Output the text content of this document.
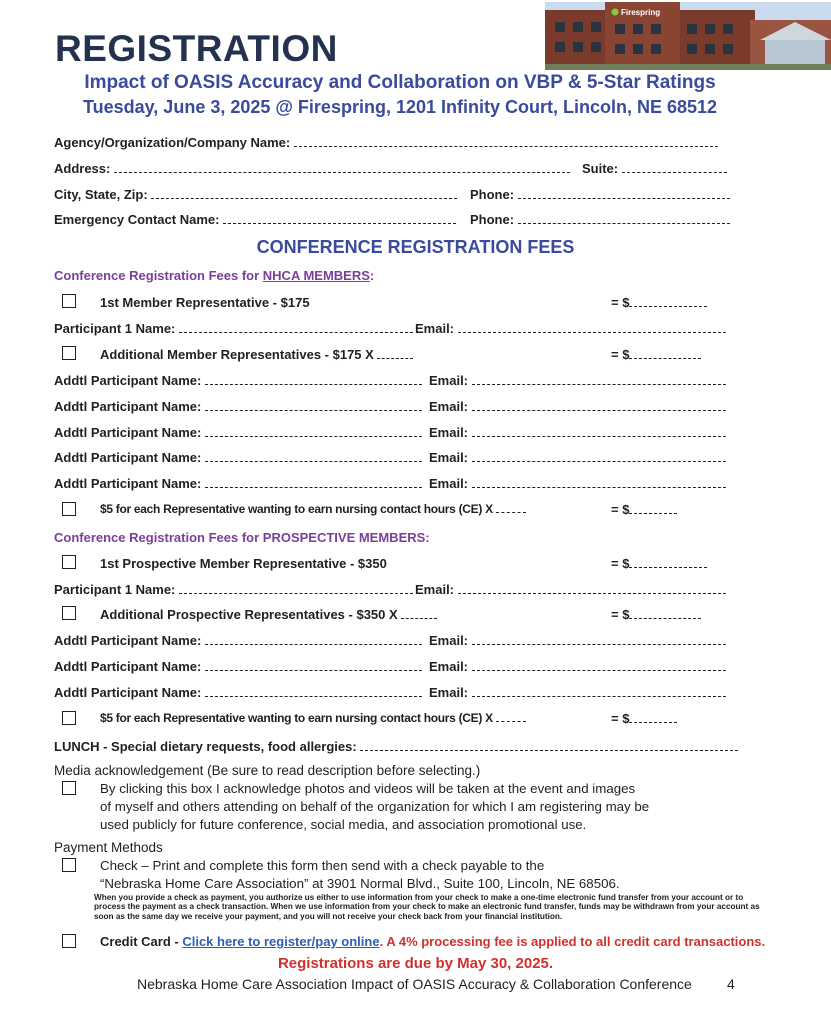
REGISTRATION
Firespring
Impact of OASIS Accuracy and Collaboration on VBP & 5-Star Ratings
Tuesday, June 3, 2025 @ Firespring, 1201 Infinity Court, Lincoln, NE 68512
Agency/Organization/Company Name:
Address:	Suite:
City, State, Zip:	Phone:
Emergency Contact Name:	Phone:
CONFERENCE REGISTRATION FEES
Conference Registration Fees for NHCA MEMBERS:
1st Member Representative - $175	= $
Participant 1 Name:	Email:
Additional Member Representatives - $175 X	= $
Addtl Participant Name:	Email:
Addtl Participant Name:	Email:
Addtl Participant Name:	Email:
Addtl Participant Name:	Email:
Addtl Participant Name:	Email:
$5 for each Representative wanting to earn nursing contact hours (CE) X	= $
Conference Registration Fees for PROSPECTIVE MEMBERS:
1st Prospective Member Representative - $350	= $
Participant 1 Name:	Email:
Additional Prospective Representatives - $350 X	= $
Addtl Participant Name:	Email:
Addtl Participant Name:	Email:
Addtl Participant Name:	Email:
$5 for each Representative wanting to earn nursing contact hours (CE) X	= $
LUNCH - Special dietary requests, food allergies:
Media acknowledgement (Be sure to read description before selecting.)
By clicking this box I acknowledge photos and videos will be taken at the event and images
of myself and others attending on behalf of the organization for which I am registering may be
used publicly for future conference, social media, and association promotional use.
Payment Methods
Check – Print and complete this form then send with a check payable to the
“Nebraska Home Care Association” at 3901 Normal Blvd., Suite 100, Lincoln, NE 68506.
When you provide a check as payment, you authorize us either to use information from your check to make a one-time electronic fund transfer from your account or to process the payment as a check transaction. When we use information from your check to make an electronic fund transfer, funds may be withdrawn from your account as soon as the same day we receive your payment, and you will not receive your check back from your financial institution.
Credit Card - Click here to register/pay online. A 4% processing fee is applied to all credit card transactions.
Registrations are due by May 30, 2025.
Nebraska Home Care Association Impact of OASIS Accuracy & Collaboration Conference	4
